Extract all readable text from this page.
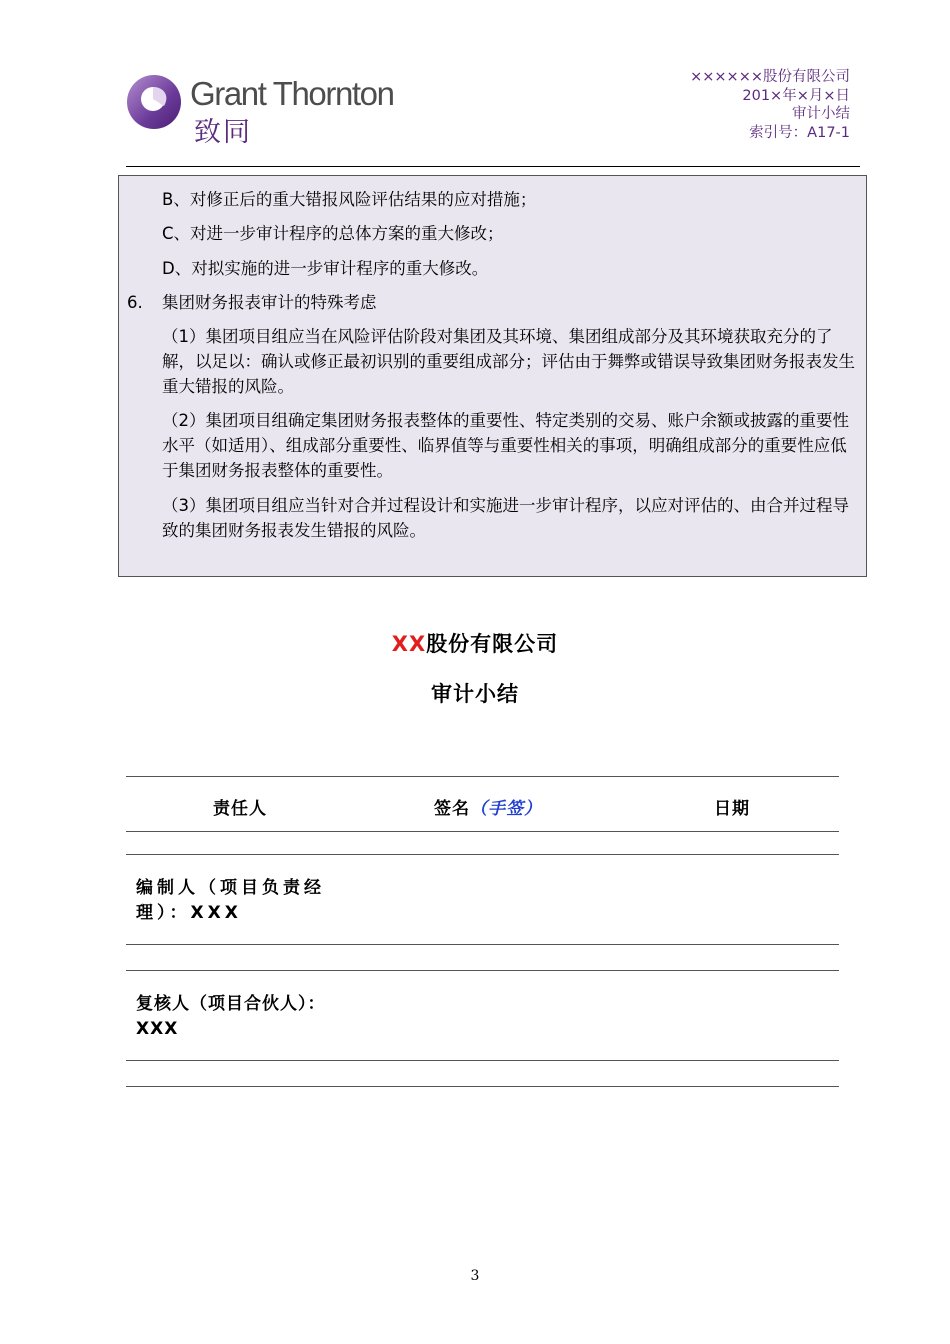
Grant Thornton
致同
××××××股份有限公司
201×年×月×日
审计小结
索引号：A17-1
B、对修正后的重大错报风险评估结果的应对措施；
C、对进一步审计程序的总体方案的重大修改；
D、对拟实施的进一步审计程序的重大修改。
6. 集团财务报表审计的特殊考虑
（1）集团项目组应当在风险评估阶段对集团及其环境、集团组成部分及其环境获取充分的了解，以足以：确认或修正最初识别的重要组成部分；评估由于舞弊或错误导致集团财务报表发生重大错报的风险。
（2）集团项目组确定集团财务报表整体的重要性、特定类别的交易、账户余额或披露的重要性水平（如适用）、组成部分重要性、临界值等与重要性相关的事项，明确组成部分的重要性应低于集团财务报表整体的重要性。
（3）集团项目组应当针对合并过程设计和实施进一步审计程序，以应对评估的、由合并过程导致的集团财务报表发生错报的风险。
XX股份有限公司
审计小结
责任人	签名（手签）	日期
编制人（项目负责经理）：XXX
复核人（项目合伙人）：XXX
3
